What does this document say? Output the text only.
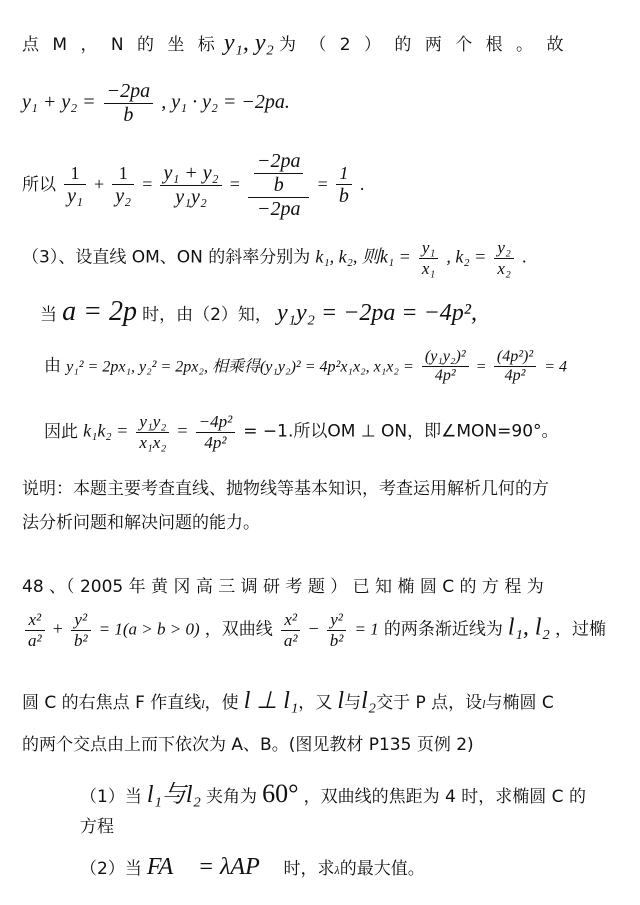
点 M ， N 的 坐 标 y₁, y₂ 为 （ 2 ） 的 两 个 根 。 故
$y_1 + y_2 = \frac{-2pa}{b}$ , y₁ · y₂ = −2pa.
所以 $\frac{1}{\text{y₁}} + \frac{1}{\text{y₂}} = \frac{\text{y₁ + y₂}}{\text{y₁y₂}} = \frac{\frac{-2pa}{b}}{-2pa} = \frac{1}{b}$ .
（3）、设直线 OM、ON 的斜率分别为 k₁, k₂, 则$k_1 = \frac{\text{y₁}}{\text{x₁}}$ , $k_2 = \frac{\text{y₂}}{\text{x₂}}$ .
当 a = 2p 时，由（2）知， y₁y₂ = −2pa = −4p²,
由 y₁² = 2px₁, y₂² = 2px₂, 相乘得(y₁y₂)² = 4p²x₁x₂, $x_1x_2 = \frac{\text{(y₁y₂)²}}{\text{4p²}} = \frac{\text{(4p²)²}}{\text{4p²}} = 4$
因此 $k_1k_2 = \frac{\text{y₁y₂}}{\text{x₁x₂}} = \frac{\text{−4p²}}{\text{4p²}} = -1$.所以OM ⊥ ON，即∠MON=90°。
说明：本题主要考查直线、抛物线等基本知识，考查运用解析几何的方
法分析问题和解决问题的能力。
48 、（ 2005 年 黄 冈 高 三 调 研 考 题 ） 已 知 椭 圆 C 的 方 程 为
$\frac{\text{x²}}{\text{a²}} + \frac{\text{y²}}{\text{b²}} = 1(a > b > 0)$ ，双曲线 $\frac{\text{x²}}{\text{a²}} - \frac{\text{y²}}{\text{b²}} = 1$ 的两条渐近线为 l₁, l₂ ，过椭
圆 C 的右焦点 F 作直线l，使 l ⊥ l₁，又 l与l₂交于 P 点，设l与椭圆 C
的两个交点由上而下依次为 A、B。(图见教材 P135 页例 2)
（1）当 l₁与l₂ 夹角为 60° ，双曲线的焦距为 4 时，求椭圆 C 的
方程
（2）当 FA⃗ = λAP⃗ 时，求λ的最大值。
